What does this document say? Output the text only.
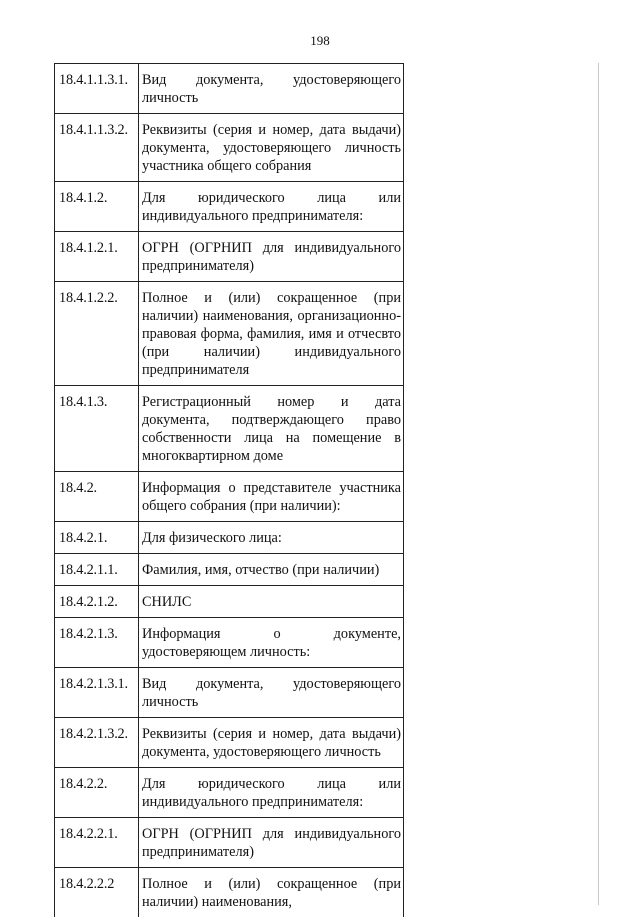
198
18.4.1.1.3.1.	Вид документа, удостоверяющего личность
18.4.1.1.3.2.	Реквизиты (серия и номер, дата выдачи) документа, удостоверяющего личность участника общего собрания
18.4.1.2.	Для юридического лица или индивидуального предпринимателя:
18.4.1.2.1.	ОГРН (ОГРНИП для индивидуального предпринимателя)
18.4.1.2.2.	Полное и (или) сокращенное (при наличии) наименования, организационно-правовая форма, фамилия, имя и отчесвто (при наличии) индивидуального предпринимателя
18.4.1.3.	Регистрационный номер и дата документа, подтверждающего право собственности лица на помещение в многоквартирном доме
18.4.2.	Информация о представителе участника общего собрания (при наличии):
18.4.2.1.	Для физического лица:
18.4.2.1.1.	Фамилия, имя, отчество (при наличии)
18.4.2.1.2.	СНИЛС
18.4.2.1.3.	Информация о документе, удостоверяющем личность:
18.4.2.1.3.1.	Вид документа, удостоверяющего личность
18.4.2.1.3.2.	Реквизиты (серия и номер, дата выдачи) документа, удостоверяющего личность
18.4.2.2.	Для юридического лица или индивидуального предпринимателя:
18.4.2.2.1.	ОГРН (ОГРНИП для индивидуального предпринимателя)
18.4.2.2.2	Полное и (или) сокращенное (при наличии) наименования,
